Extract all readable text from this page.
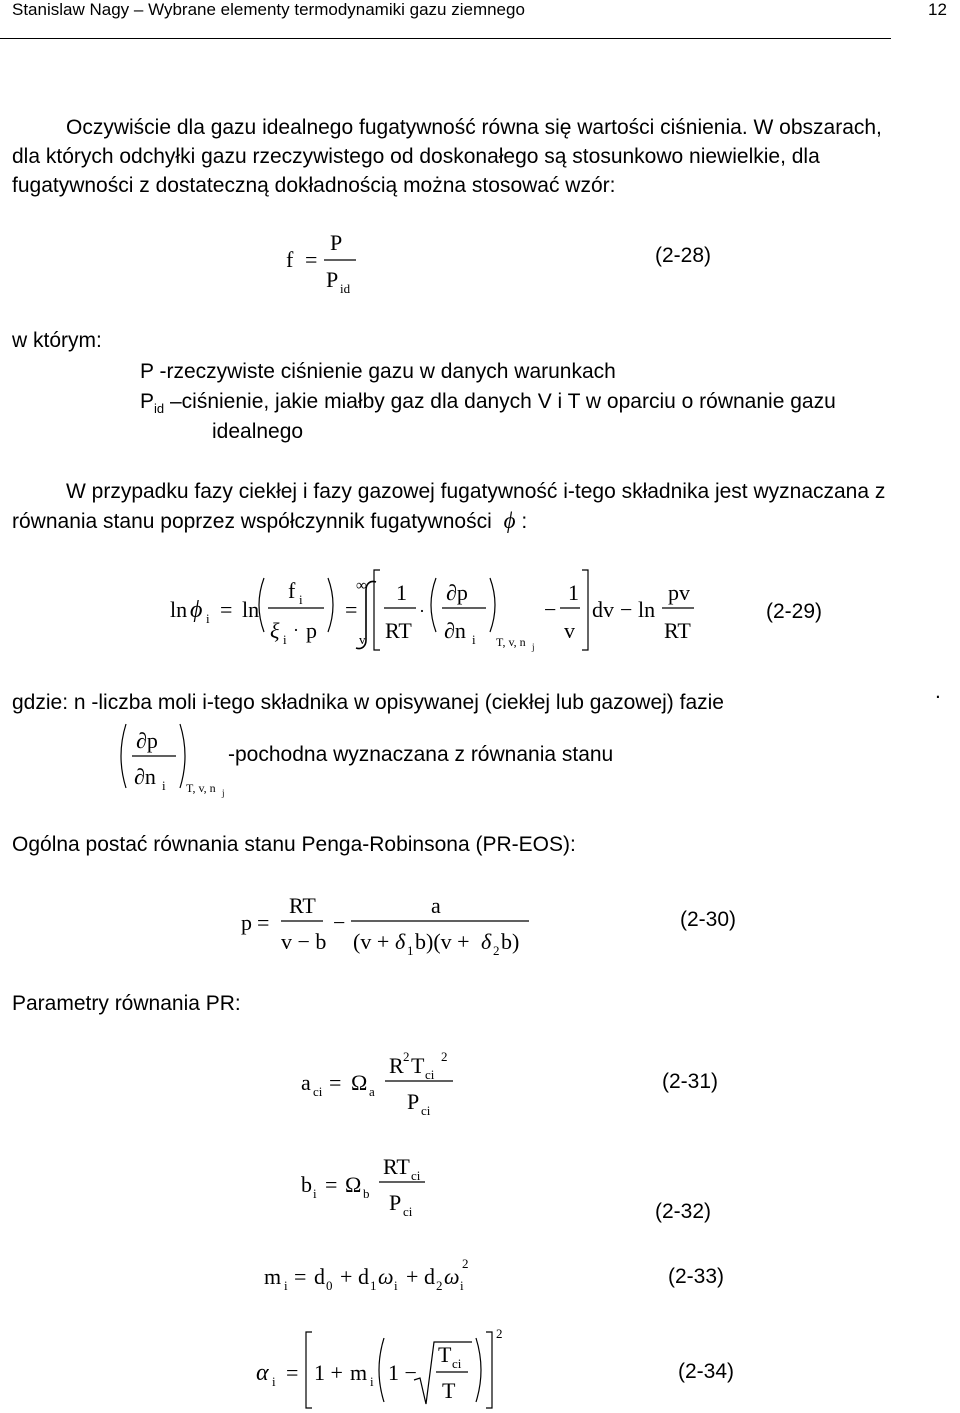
Stanislaw Nagy – Wybrane elementy termodynamiki gazu ziemnego	12
Oczywiście dla gazu idealnego fugatywność równa się wartości ciśnienia. W obszarach,
dla których odchyłki gazu rzeczywistego od doskonałego są stosunkowo niewielkie, dla
fugatywności z dostateczną dokładnością można stosować wzór:
f =
P
P id
(2-28)
w którym:
P -rzeczywiste ciśnienie gazu w danych warunkach
$P_{id}$ –ciśnienie, jakie miałby gaz dla danych V i T w oparciu o równanie gazu
idealnego
W przypadku fazy ciekłej i fazy gazowej fugatywność i-tego składnika jest wyznaczana z
równania stanu poprzez współczynnik fugatywności ϕ :
ln ϕ i = ln
f i
ξ i · p
=
∞
v
1
RT
·
∂p
∂n i T, v, n j
−
1
v
dv − ln
pv
RT
(2-29)
gdzie: n -liczba moli i-tego składnika w opisywanej (ciekłej lub gazowej) fazie	.
∂p
∂n i T, v, n j
-pochodna wyznaczana z równania stanu
Ogólna postać równania stanu Penga-Robinsona (PR-EOS):
p =
RT
v − b
−
a
(v + δ 1 b)(v + δ 2 b)
(2-30)
Parametry równania PR:
a ci = Ω a
R 2 T ci
2
P ci
(2-31)
b i = Ω b
RT ci
P ci	(2-32)
m i = d 0 + d 1 ω i + d 2 ω i
2
(2-33)
α i = 1 + m i 1 −
T ci
T
2
(2-34)
